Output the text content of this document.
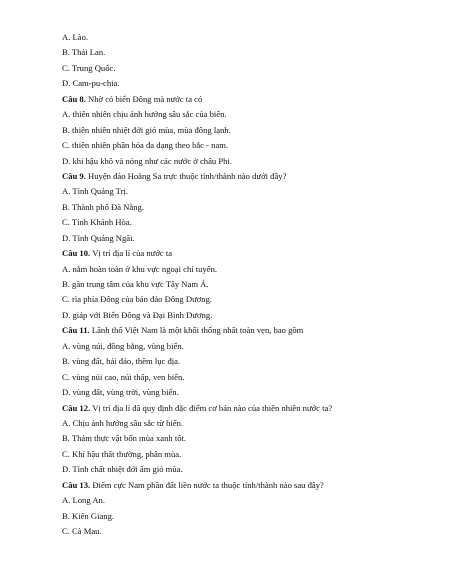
A. Lào.
B. Thái Lan.
C. Trung Quốc.
D. Cam-pu-chia.
Câu 8. Nhờ có biển Đông mà nước ta có
A. thiên nhiên chịu ảnh hưởng sâu sắc của biển.
B. thiên nhiên nhiệt đới gió mùa, mùa đông lạnh.
C. thiên nhiên phân hóa đa dạng theo bắc - nam.
D. khí hậu khô và nóng như các nước ở châu Phi.
Câu 9. Huyện đảo Hoàng Sa trực thuộc tỉnh/thành nào dưới đây?
A. Tỉnh Quảng Trị.
B. Thành phố Đà Nẵng.
C. Tỉnh Khánh Hòa.
D. Tỉnh Quảng Ngãi.
Câu 10. Vị trí địa lí của nước ta
A. nằm hoàn toàn ở khu vực ngoại chí tuyến.
B. gần trung tâm của khu vực Tây Nam Á.
C. rìa phía Đông của bán đảo Đông Dương.
D. giáp với Biển Đông và Đại Bình Dương.
Câu 11. Lãnh thổ Việt Nam là một khối thống nhất toàn vẹn, bao gồm
A. vùng núi, đồng bằng, vùng biển.
B. vùng đất, hải đảo, thềm lục địa.
C. vùng núi cao, núi thấp, ven biển.
D. vùng đất, vùng trời, vùng biển.
Câu 12. Vị trí địa lí đã quy định đặc điểm cơ bản nào của thiên nhiên nước ta?
A. Chịu ảnh hưởng sâu sắc từ biển.
B. Thảm thực vật bốn mùa xanh tốt.
C. Khí hậu thất thường, phân mùa.
D. Tính chất nhiệt đới ẩm gió mùa.
Câu 13. Điểm cực Nam phần đất liền nước ta thuộc tỉnh/thành nào sau đây?
A. Long An.
B. Kiên Giang.
C. Cà Mau.
